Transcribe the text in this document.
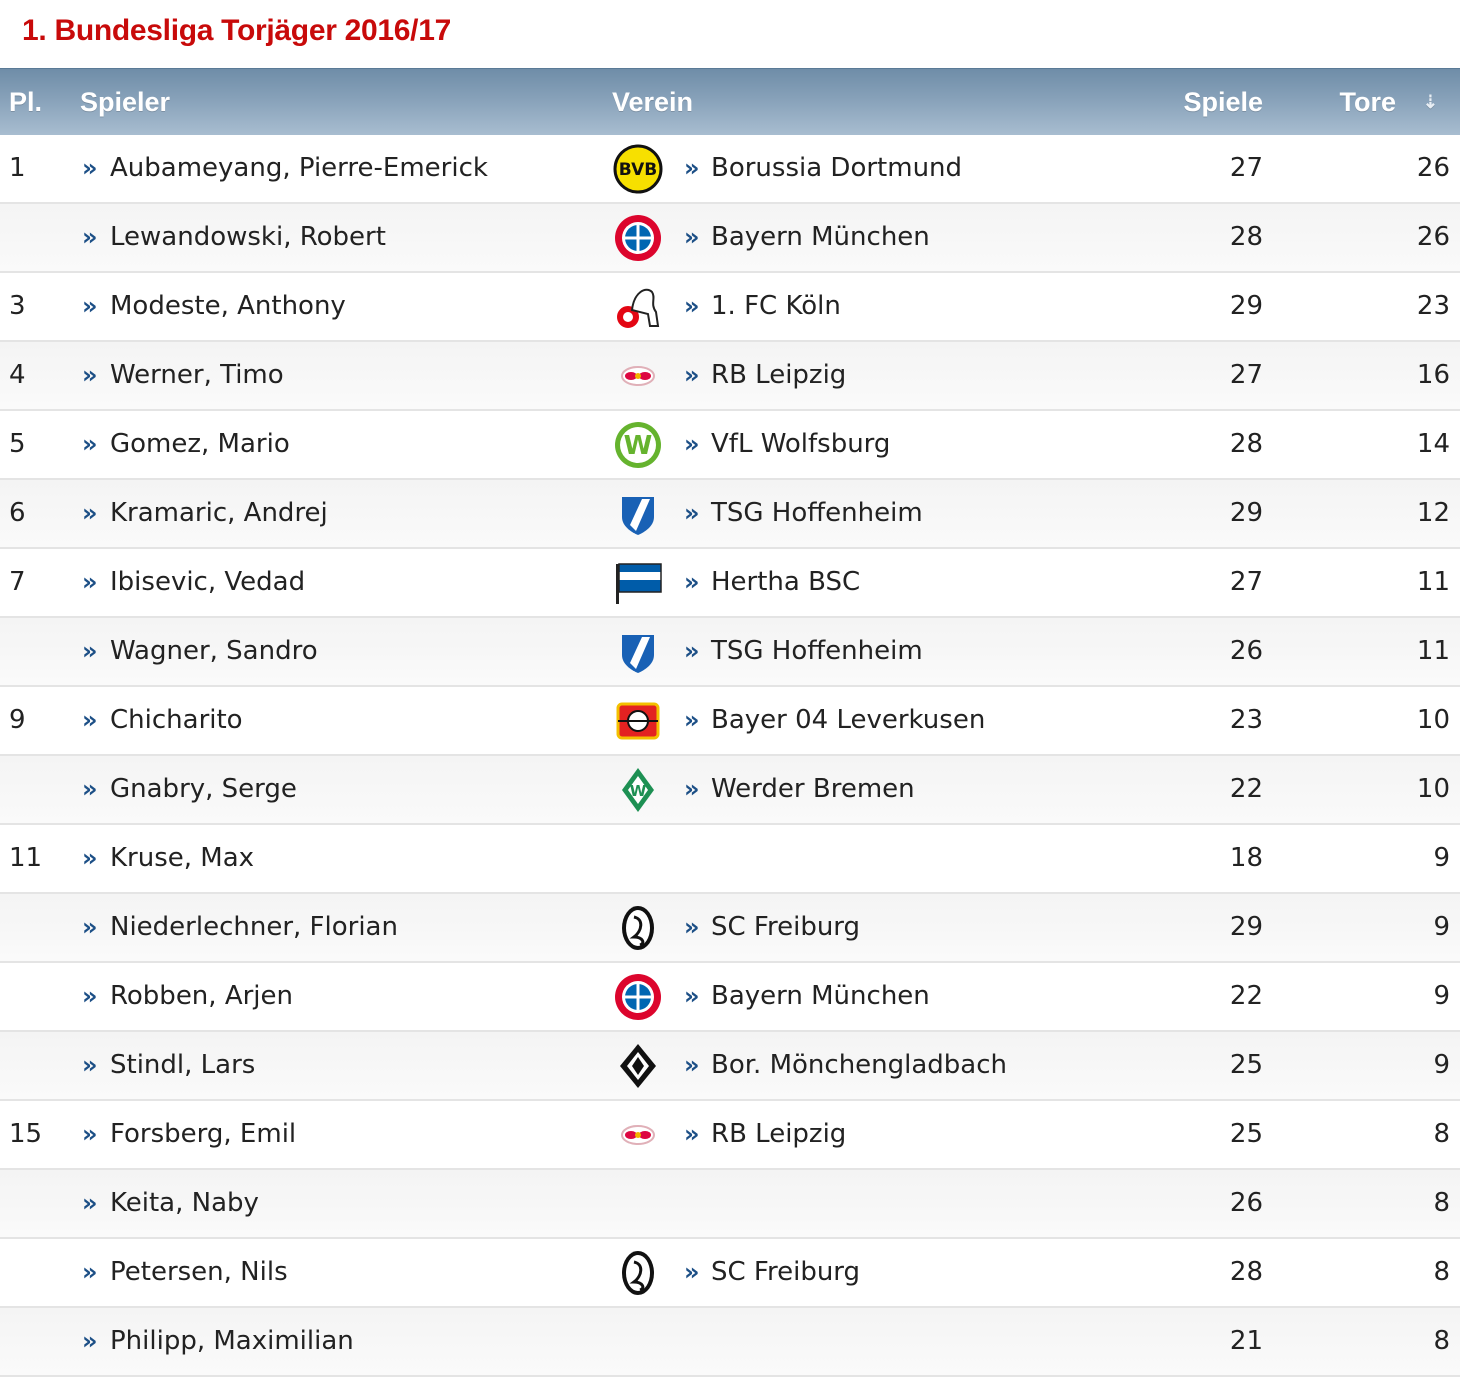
1. Bundesliga Torjäger 2016/17
Pl. Spieler	Verein	Spiele	Tore ⇣
1 » Aubameyang, Pierre-Emerick	BVB » Borussia Dortmund	27	26
» Lewandowski, Robert	» Bayern München	28	26
3 » Modeste, Anthony	» 1. FC Köln	29	23
4 » Werner, Timo	» RB Leipzig	27	16
5 » Gomez, Mario	W » VfL Wolfsburg	28	14
6 » Kramaric, Andrej	» TSG Hoffenheim	29	12
7 » Ibisevic, Vedad	» Hertha BSC	27	11
» Wagner, Sandro	» TSG Hoffenheim	26	11
9 » Chicharito	» Bayer 04 Leverkusen	23	10
» Gnabry, Serge	W » Werder Bremen	22	10
11 » Kruse, Max	18	9
» Niederlechner, Florian	» SC Freiburg	29	9
» Robben, Arjen	» Bayern München	22	9
» Stindl, Lars	» Bor. Mönchengladbach	25	9
15 » Forsberg, Emil	» RB Leipzig	25	8
» Keita, Naby	26	8
» Petersen, Nils	» SC Freiburg	28	8
» Philipp, Maximilian	21	8
